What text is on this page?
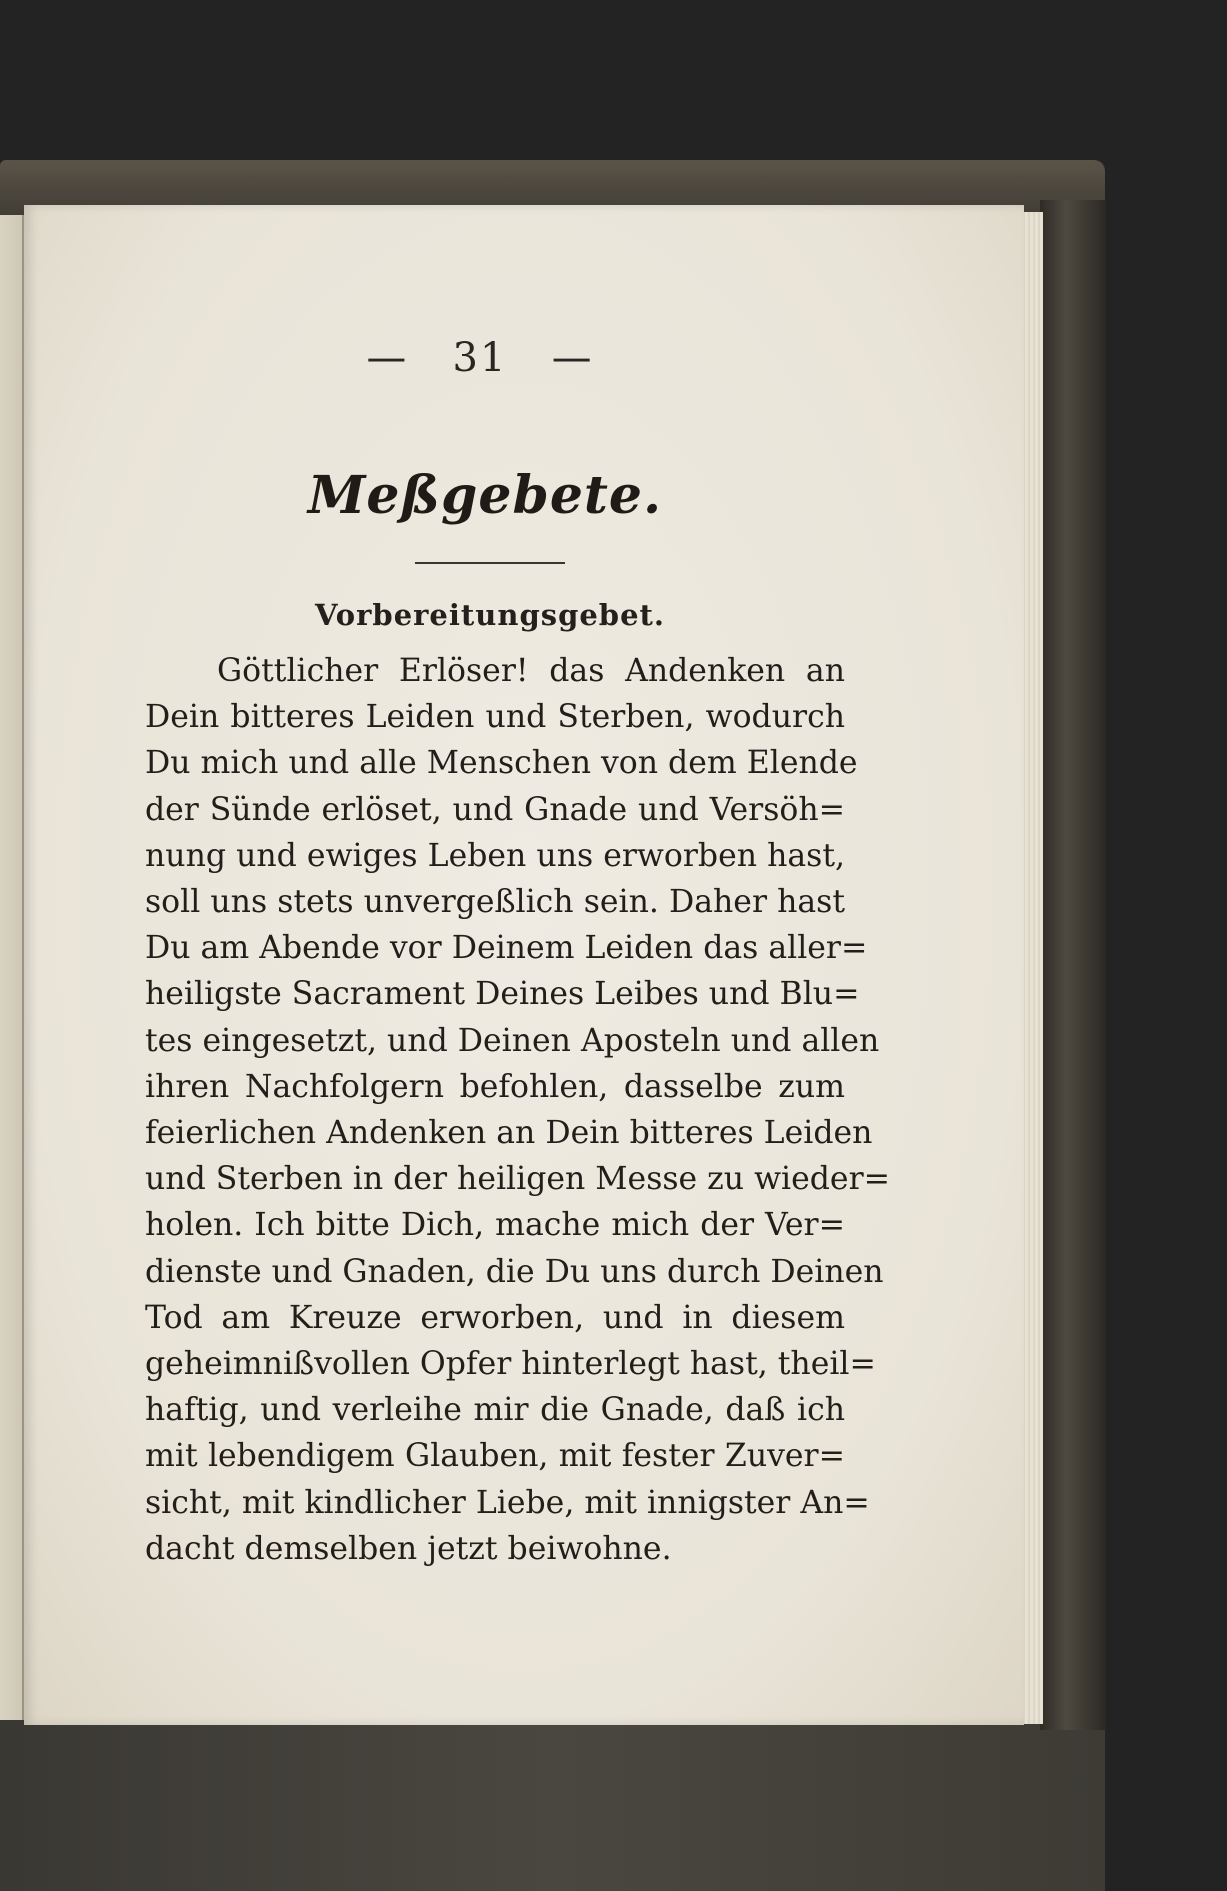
— 31 —
Meßgebete.
Vorbereitungsgebet.
Göttlicher Erlöser! das Andenken an
Dein bitteres Leiden und Sterben, wodurch
Du mich und alle Menschen von dem Elende
der Sünde erlöset, und Gnade und Versöh=
nung und ewiges Leben uns erworben hast,
soll uns stets unvergeßlich sein. Daher hast
Du am Abende vor Deinem Leiden das aller=
heiligste Sacrament Deines Leibes und Blu=
tes eingesetzt, und Deinen Aposteln und allen
ihren Nachfolgern befohlen, dasselbe zum
feierlichen Andenken an Dein bitteres Leiden
und Sterben in der heiligen Messe zu wieder=
holen. Ich bitte Dich, mache mich der Ver=
dienste und Gnaden, die Du uns durch Deinen
Tod am Kreuze erworben, und in diesem
geheimnißvollen Opfer hinterlegt hast, theil=
haftig, und verleihe mir die Gnade, daß ich
mit lebendigem Glauben, mit fester Zuver=
sicht, mit kindlicher Liebe, mit innigster An=
dacht demselben jetzt beiwohne.
